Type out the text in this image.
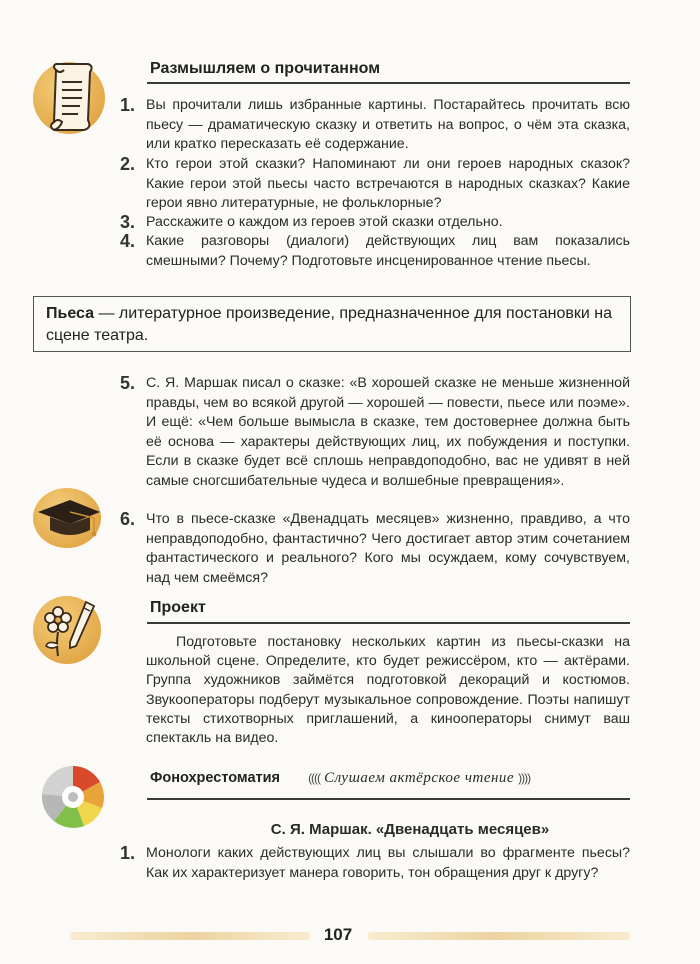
Размышляем о прочитанном
1. Вы прочитали лишь избранные картины. Постарайтесь прочитать всю пьесу — драматическую сказку и ответить на вопрос, о чём эта сказка, или кратко пересказать её содержание.
2. Кто герои этой сказки? Напоминают ли они героев народных сказок? Какие герои этой пьесы часто встречаются в народных сказках? Какие герои явно литературные, не фольклорные?
3. Расскажите о каждом из героев этой сказки отдельно.
4. Какие разговоры (диалоги) действующих лиц вам показались смешными? Почему? Подготовьте инсценированное чтение пьесы.
Пьеса — литературное произведение, предназначенное для постановки на сцене театра.
5. С. Я. Маршак писал о сказке: «В хорошей сказке не меньше жизненной правды, чем во всякой другой — хорошей — повести, пьесе или поэме». И ещё: «Чем больше вымысла в сказке, тем достовернее должна быть её основа — характеры действующих лиц, их побуждения и поступки. Если в сказке будет всё сплошь неправдоподобно, вас не удивят в ней самые сногсшибательные чудеса и волшебные превращения».
6. Что в пьесе-сказке «Двенадцать месяцев» жизненно, правдиво, а что неправдоподобно, фантастично? Чего достигает автор этим сочетанием фантастического и реального? Кого мы осуждаем, кому сочувствуем, над чем смеёмся?
Проект
Подготовьте постановку нескольких картин из пьесы-сказки на школьной сцене. Определите, кто будет режиссёром, кто — актёрами. Группа художников займётся подготовкой декораций и костюмов. Звукооператоры подберут музыкальное сопровождение. Поэты напишут тексты стихотворных приглашений, а кинооператоры снимут ваш спектакль на видео.
Фонохрестоматия (((( Слушаем актёрское чтение ))))
С. Я. Маршак. «Двенадцать месяцев»
1. Монологи каких действующих лиц вы слышали во фрагменте пьесы? Как их характеризует манера говорить, тон обращения друг к другу?
107
